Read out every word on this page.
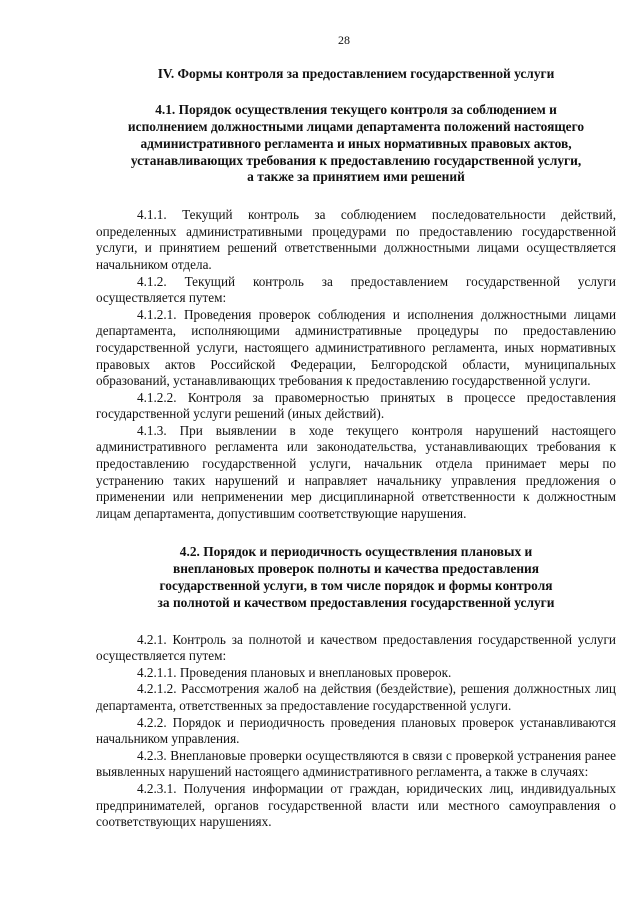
28
IV. Формы контроля за предоставлением государственной услуги
4.1. Порядок осуществления текущего контроля за соблюдением и
исполнением должностными лицами департамента положений настоящего
административного регламента и иных нормативных правовых актов,
устанавливающих требования к предоставлению государственной услуги,
а также за принятием ими решений

4.1.1. Текущий контроль за соблюдением последовательности действий, определенных административными процедурами по предоставлению государственной услуги, и принятием решений ответственными должностными лицами осуществляется начальником отдела.

4.1.2. Текущий контроль за предоставлением государственной услуги осуществляется путем:

4.1.2.1. Проведения проверок соблюдения и исполнения должностными лицами департамента, исполняющими административные процедуры по предоставлению государственной услуги, настоящего административного регламента, иных нормативных правовых актов Российской Федерации, Белгородской области, муниципальных образований, устанавливающих требования к предоставлению государственной услуги.

4.1.2.2. Контроля за правомерностью принятых в процессе предоставления государственной услуги решений (иных действий).

4.1.3. При выявлении в ходе текущего контроля нарушений настоящего административного регламента или законодательства, устанавливающих требования к предоставлению государственной услуги, начальник отдела принимает меры по устранению таких нарушений и направляет начальнику управления предложения о применении или неприменении мер дисциплинарной ответственности к должностным лицам департамента, допустившим соответствующие нарушения.

4.2. Порядок и периодичность осуществления плановых и
внеплановых проверок полноты и качества предоставления
государственной услуги, в том числе порядок и формы контроля
за полнотой и качеством предоставления государственной услуги

4.2.1. Контроль за полнотой и качеством предоставления государственной услуги осуществляется путем:

4.2.1.1. Проведения плановых и внеплановых проверок.

4.2.1.2. Рассмотрения жалоб на действия (бездействие), решения должностных лиц департамента, ответственных за предоставление государственной услуги.

4.2.2. Порядок и периодичность проведения плановых проверок устанавливаются начальником управления.

4.2.3. Внеплановые проверки осуществляются в связи с проверкой устранения ранее выявленных нарушений настоящего административного регламента, а также в случаях:

4.2.3.1. Получения информации от граждан, юридических лиц, индивидуальных предпринимателей, органов государственной власти или местного самоуправления о соответствующих нарушениях.
